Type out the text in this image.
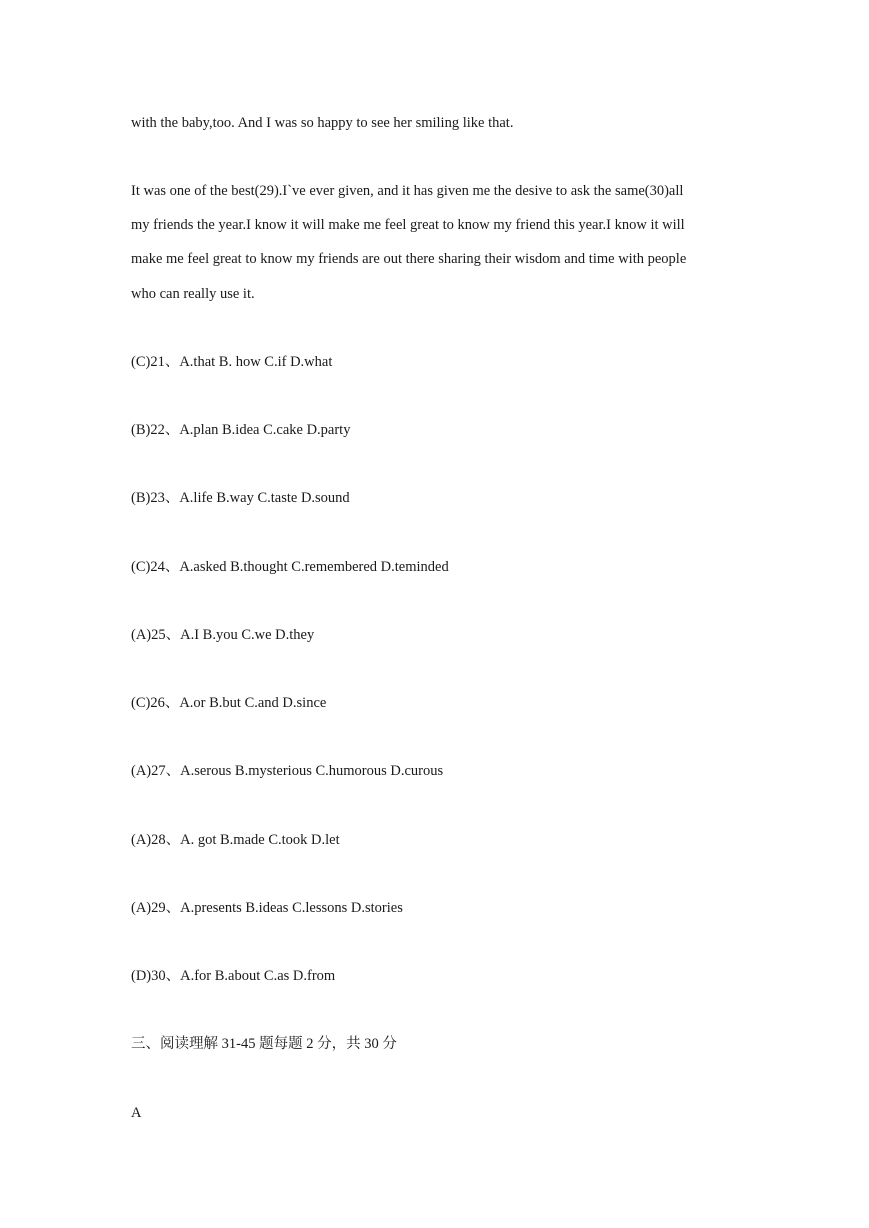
with the baby,too. And I was so happy to see her smiling like that.
It was one of the best(29).I`ve ever given, and it has given me the desive to ask the same(30)all
my friends the year.I know it will make me feel great to know my friend this year.I know it will
make me feel great to know my friends are out there sharing their wisdom and time with people
who can really use it.
(C)21、A.that B. how C.if D.what
(B)22、A.plan B.idea C.cake D.party
(B)23、A.life B.way C.taste D.sound
(C)24、A.asked B.thought C.remembered D.teminded
(A)25、A.I B.you C.we D.they
(C)26、A.or B.but C.and D.since
(A)27、A.serous B.mysterious C.humorous D.curous
(A)28、A. got B.made C.took D.let
(A)29、A.presents B.ideas C.lessons D.stories
(D)30、A.for B.about C.as D.from
三、阅读理解 31-45 题每题 2 分，共 30 分
A
